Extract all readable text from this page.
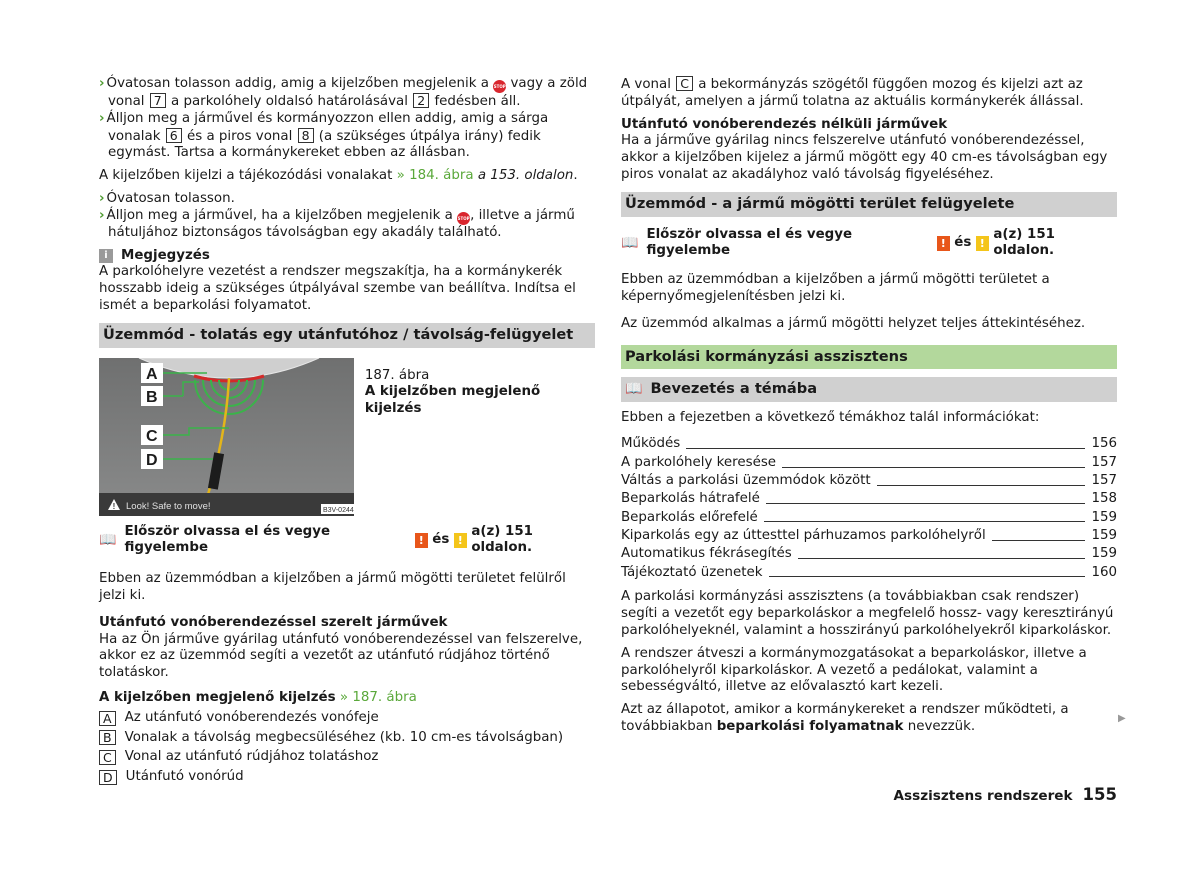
› Óvatosan tolasson addig, amig a kijelzőben megjelenik a STOP vagy a zöld vonal 7 a parkolóhely oldalsó határolásával 2 fedésben áll.

› Álljon meg a járművel és kormányozzon ellen addig, amig a sárga vonalak 6 és a piros vonal 8 (a szükséges útpálya irány) fedik egymást. Tartsa a kormánykereket ebben az állásban.

A kijelzőben kijelzi a tájékozódási vonalakat » 184. ábra a 153. oldalon.

› Óvatosan tolasson.

› Álljon meg a járművel, ha a kijelzőben megjelenik a STOP, illetve a jármű hátuljához biztonságos távolságban egy akadály található.

i Megjegyzés

A parkolóhelyre vezetést a rendszer megszakítja, ha a kormánykerék hosszabb ideig a szükséges útpályával szembe van beállítva. Indítsa el ismét a beparkolási folyamatot.

Üzemmód - tolatás egy utánfutóhoz / távolság-felügyelet
A
B
C
D
! Look! Safe to move!	B3V-0244
187. ábra
A kijelzőben megjelenő kijelzés
📖
Először olvassa el és vegye figyelembe
	!
és
!

a(z) 151 oldalon.

Ebben az üzemmódban a kijelzőben a jármű mögötti területet felülről jelzi ki.

Utánfutó vonóberendezéssel szerelt járművek

Ha az Ön járműve gyárilag utánfutó vonóberendezéssel van felszerelve, akkor ez az üzemmód segíti a vezetőt az utánfutó rúdjához történő tolatáskor.

A kijelzőben megjelenő kijelzés » 187. ábra
A Az utánfutó vonóberendezés vonófeje
B Vonalak a távolság megbecsüléséhez (kb. 10 cm-es távolságban)
C Vonal az utánfutó rúdjához tolatáshoz
D Utánfutó vonórúd

A vonal C a bekormányzás szögétől függően mozog és kijelzi azt az útpályát, amelyen a jármű tolatna az aktuális kormánykerék állással.

Utánfutó vonóberendezés nélküli járművek

Ha a járműve gyárilag nincs felszerelve utánfutó vonóberendezéssel, akkor a kijelzőben kijelez a jármű mögött egy 40 cm-es távolságban egy piros vonalat az akadályhoz való távolság figyeléséhez.

Üzemmód - a jármű mögötti terület felügyelete
📖
Először olvassa el és vegye figyelembe
	!
és
!

a(z) 151 oldalon.

Ebben az üzemmódban a kijelzőben a jármű mögötti területet a képernyőmegjelenítésben jelzi ki.

Az üzemmód alkalmas a jármű mögötti helyzet teljes áttekintéséhez.

Parkolási kormányzási asszisztens
📖 Bevezetés a témába

Ebben a fejezetben a következő témákhoz talál információkat:

Működés	156
A parkolóhely keresése	157
Váltás a parkolási üzemmódok között	157
Beparkolás hátrafelé	158
Beparkolás előrefelé	159
Kiparkolás egy az úttesttel párhuzamos parkolóhelyről	159
Automatikus fékrásegítés	159
Tájékoztató üzenetek	160

A parkolási kormányzási asszisztens (a továbbiakban csak rendszer) segíti a vezetőt egy beparkoláskor a megfelelő hossz- vagy keresztirányú parkolóhelyeknél, valamint a hosszirányú parkolóhelyekről kiparkoláskor.

A rendszer átveszi a kormánymozgatásokat a beparkoláskor, illetve a parkolóhelyről kiparkoláskor. A vezető a pedálokat, valamint a sebességváltó, illetve az elővalasztó kart kezeli.

Azt az állapotot, amikor a kormánykereket a rendszer működteti, a továbbiakban beparkolási folyamatnak nevezzük.

▶
Asszisztens rendszerek 155
